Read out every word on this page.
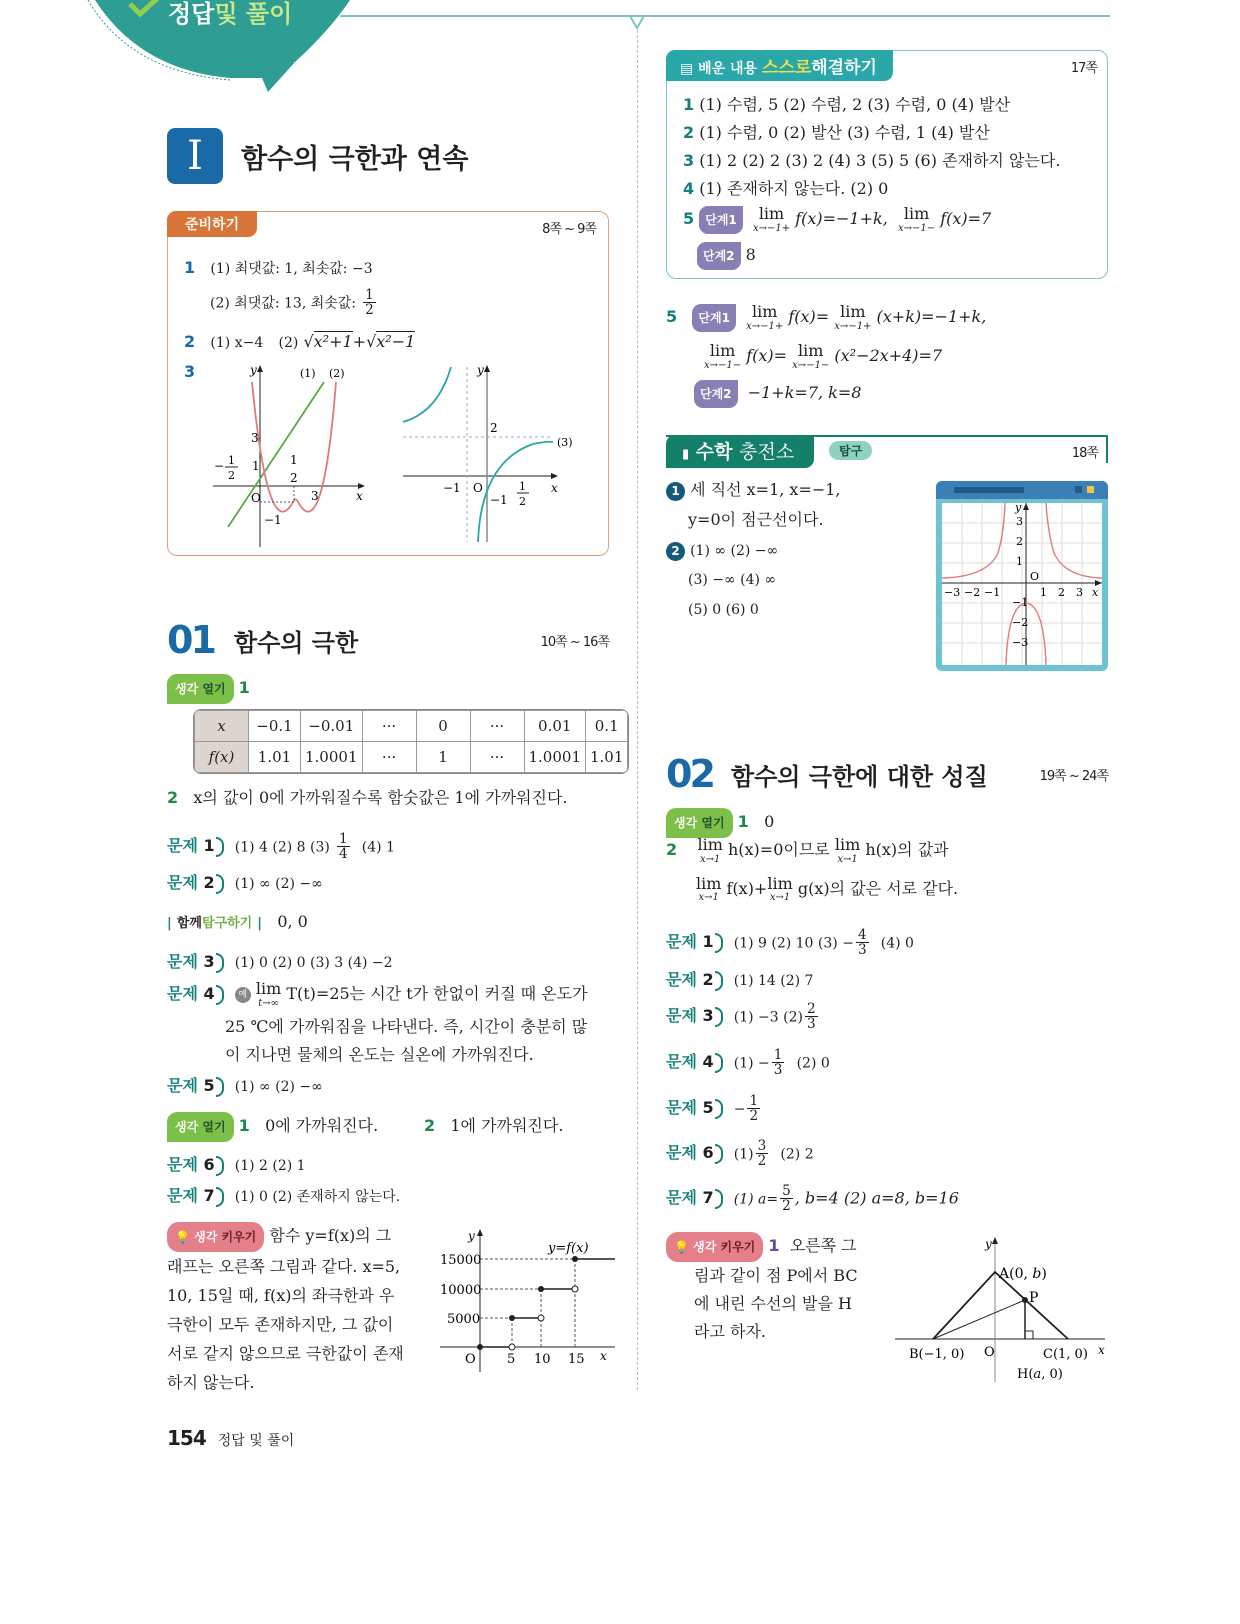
정답및 풀이
I	함수의 극한과 연속
준비하기	8쪽 ~ 9쪽
1 (1) 최댓값: 1, 최솟값: −3
(2) 최댓값: 13, 최솟값: $\frac{1}{2}$
2 (1) x−4 (2) √x²+1+√x²−1
3	y	(1) (2)
3
1
− 1
2
1
2
O	3	x
−1
y
2
(3)
−1 O	x
−1
1
2
01 함수의 극한	10쪽 ~ 16쪽
생각 열기 1
x	−0.1	−0.01	···	0	···	0.01	0.1
f(x)	1.01	1.0001	···	1	···	1.0001	1.01
2 x의 값이 0에 가까워질수록 함숫값은 1에 가까워진다.
문제 1 (1) 4 (2) 8 $(3) \frac{1}{4} (4)$ 1
문제 2 (1) ∞ (2) −∞
| 함께탐구하기 | 0, 0
문제 3 (1) 0 (2) 0 (3) 3 (4) −2
문제 4	예 lim
t→∞
T(t)=25는 시간 t가 한없이 커질 때 온도가
25 ℃에 가까워짐을 나타낸다. 즉, 시간이 충분히 많
이 지나면 물체의 온도는 실온에 가까워진다.
문제 5 (1) ∞ (2) −∞
생각 열기 1 0에 가까워진다.	2 1에 가까워진다.
문제 6 (1) 2 (2) 1
문제 7 (1) 0 (2) 존재하지 않는다.
💡 생각 키우기 함수 y=f(x)의 그
래프는 오른쪽 그림과 같다. x=5,
10, 15일 때, f(x)의 좌극한과 우
극한이 모두 존재하지만, 그 값이
서로 같지 않으므로 극한값이 존재
하지 않는다.
y
y=f(x)
15000
10000
5000
O 5 10 15 x
▤ 배운 내용 스스로해결하기	17쪽
1 (1) 수렴, 5 (2) 수렴, 2 (3) 수렴, 0 (4) 발산
2 (1) 수렴, 0 (2) 발산 (3) 수렴, 1 (4) 발산
3 (1) 2 (2) 2 (3) 2 (4) 3 (5) 5 (6) 존재하지 않는다.
4 (1) 존재하지 않는다. (2) 0
5 단계1 lim
x→−1+
f(x)=−1+k, lim
x→−1−
f(x)=7
단계2 8
5 단계1 lim
x→−1+
f(x)= lim
x→−1+
(x+k)=−1+k,
lim
x→−1−
f(x)= lim
x→−1−
(x²−2x+4)=7
단계2 −1+k=7, k=8
▮ 수학 충전소	탐구	18쪽
1 세 직선 x=1, x=−1,
y=0이 점근선이다.
2 (1) ∞ (2) −∞
(3) −∞ (4) ∞
(5) 0 (6) 0
y
3
2
1
O
−3 −2 −1	1 2 3 x
−1
−2
−3
02 함수의 극한에 대한 성질	19쪽 ~ 24쪽
생각 열기 1 0
2 lim
x→1
h(x)=0이므로 lim
x→1
h(x)의 값과
lim
x→1
f(x)+ lim
x→1
g(x)의 값은 서로 같다.
문제 1 (1) 9 (2) 10 $(3) - \frac{4}{3} (4)$ 0
문제 2 (1) 14 (2) 7
문제 3 (1) −3 $(2) \frac{2}{3}$
문제 4 $(1) - \frac{1}{3} (2)$ 0
문제 $5 - \frac{1}{2}$
문제 6 $(1) \frac{3}{2} (2)$ 2
문제 7 (1) $a= \frac{5}{2}$ , b=4 (2) a=8, b=16
💡 생각 키우기 1 오른쪽 그
림과 같이 점 P에서 BC
에 내린 수선의 발을 H
라고 하자.
y
A(0, b)
P
B(−1, 0) O	C(1, 0) x
H(a, 0)
154 정답 및 풀이
